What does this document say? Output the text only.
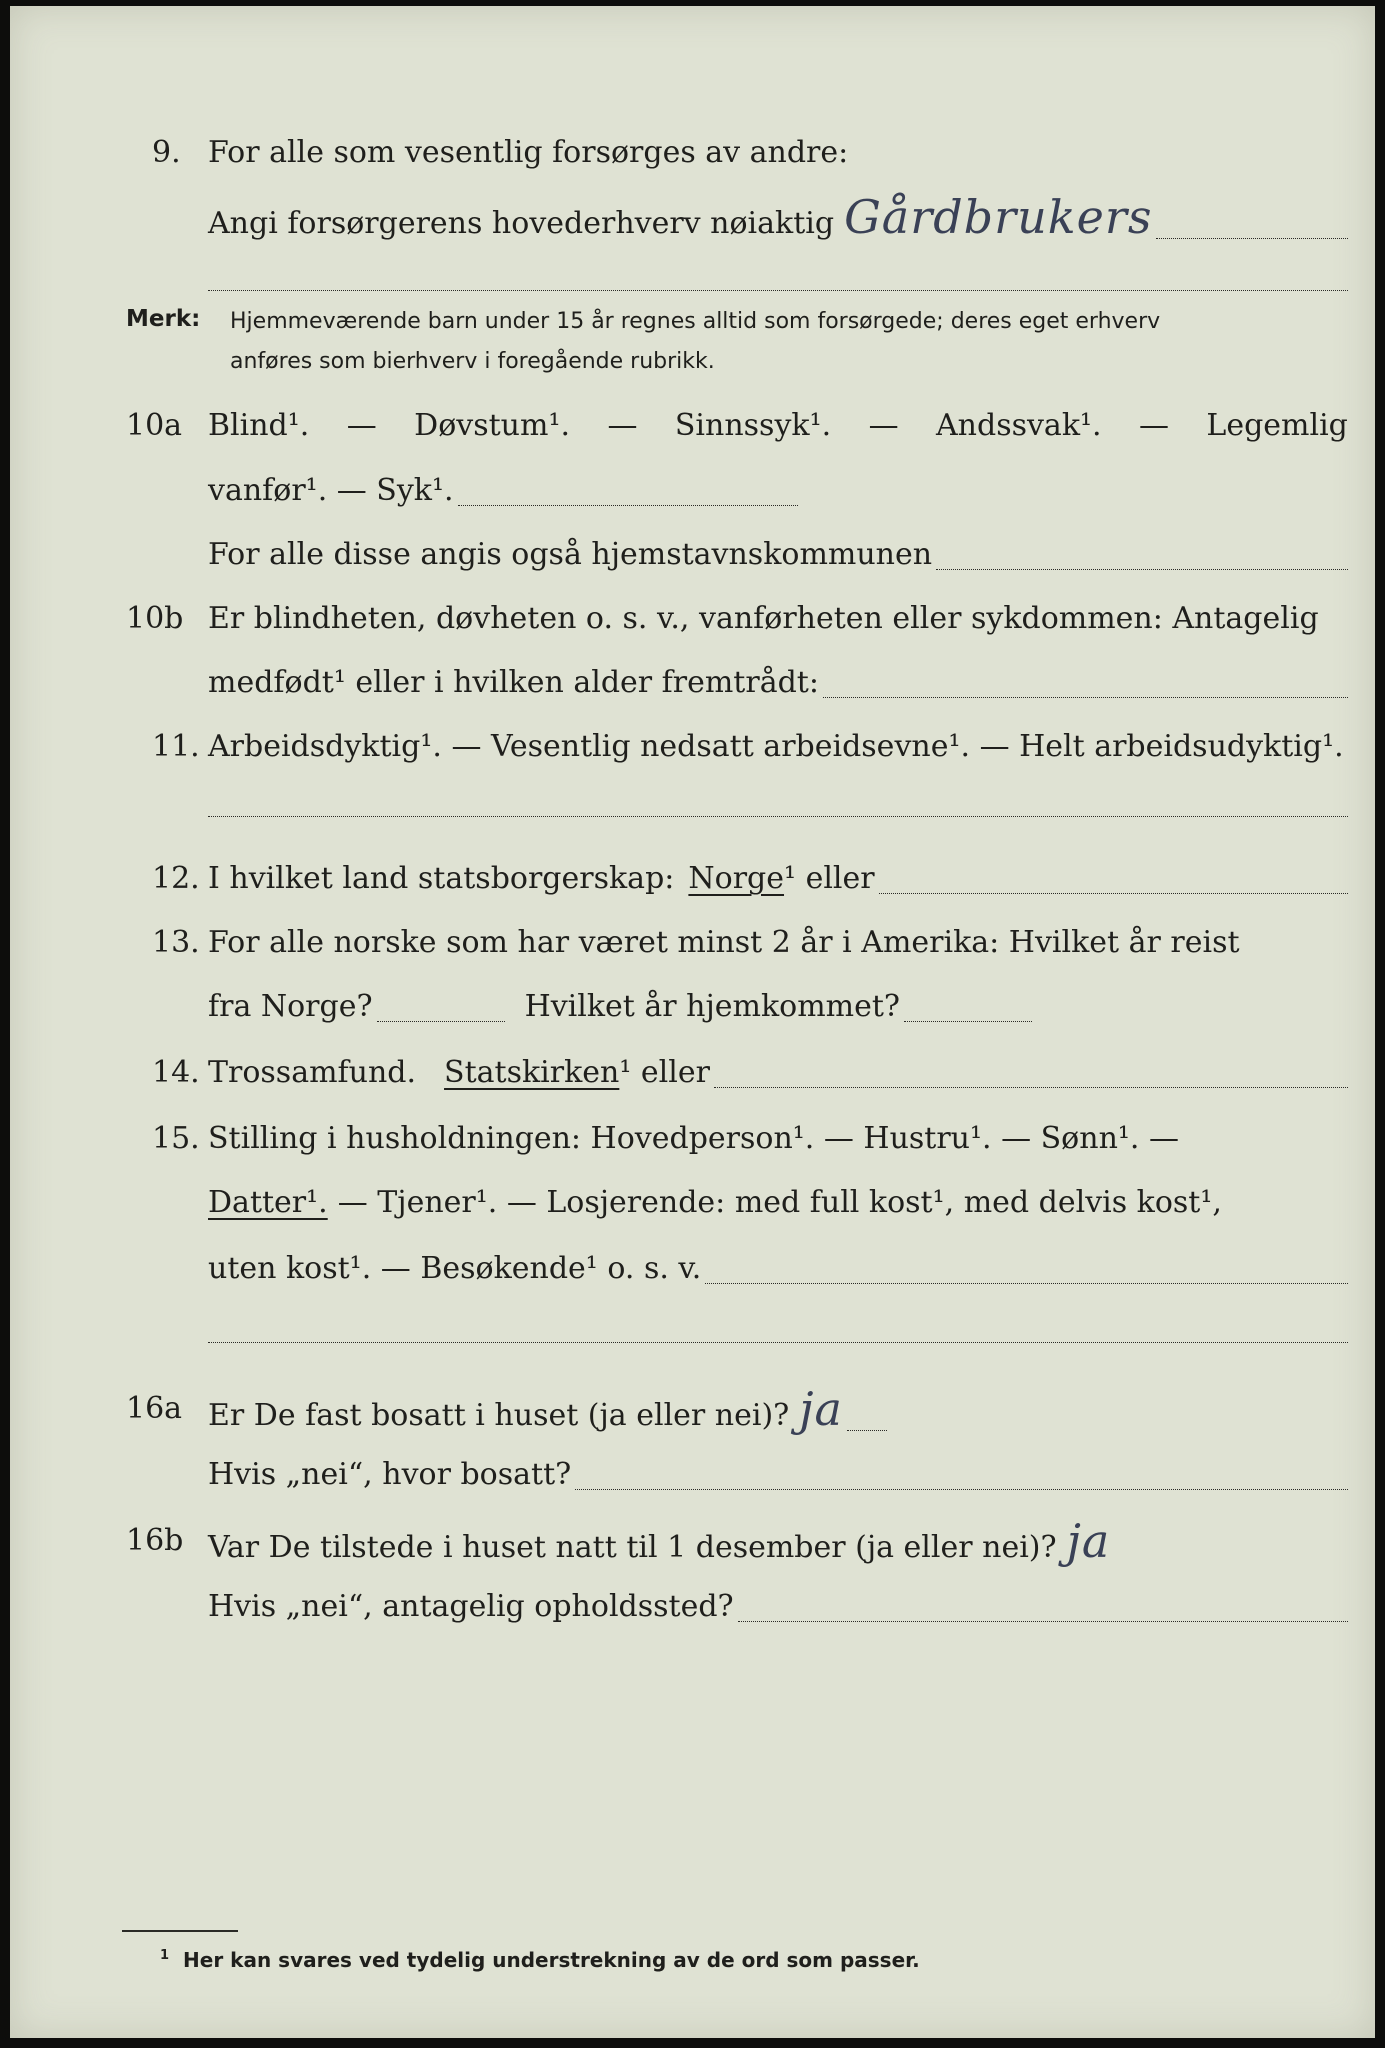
9. For alle som vesentlig forsørges av andre:
Angi forsørgerens hovederhverv nøiaktig Gårdbrukers
Merk: Hjemmeværende barn under 15 år regnes alltid som forsørgede; deres eget erhverv
anføres som bierhverv i foregående rubrikk.
10a Blind¹. — Døvstum¹. — Sinnssyk¹. — Andssvak¹. — Legemlig
vanfør¹. — Syk¹.
For alle disse angis også hjemstavnskommunen
10b Er blindheten, døvheten o. s. v., vanførheten eller sykdommen: Antagelig
medfødt¹ eller i hvilken alder fremtrådt:
11. Arbeidsdyktig¹. — Vesentlig nedsatt arbeidsevne¹. — Helt arbeidsudyktig¹.
12. I hvilket land statsborgerskap: Norge ¹ eller
13. For alle norske som har været minst 2 år i Amerika: Hvilket år reist
fra Norge?	Hvilket år hjemkommet?
14. Trossamfund. Statskirken ¹ eller
15. Stilling i husholdningen: Hovedperson¹. — Hustru¹. — Sønn¹. —
Datter¹. — Tjener¹. — Losjerende: med full kost¹, med delvis kost¹,
uten kost¹. — Besøkende¹ o. s. v.
16a Er De fast bosatt i huset (ja eller nei)? ja
Hvis „nei“, hvor bosatt?
16b Var De tilstede i huset natt til 1 desember (ja eller nei)? ja
Hvis „nei“, antagelig opholdssted?
$^1$ Her kan svares ved tydelig understrekning av de ord som passer.
